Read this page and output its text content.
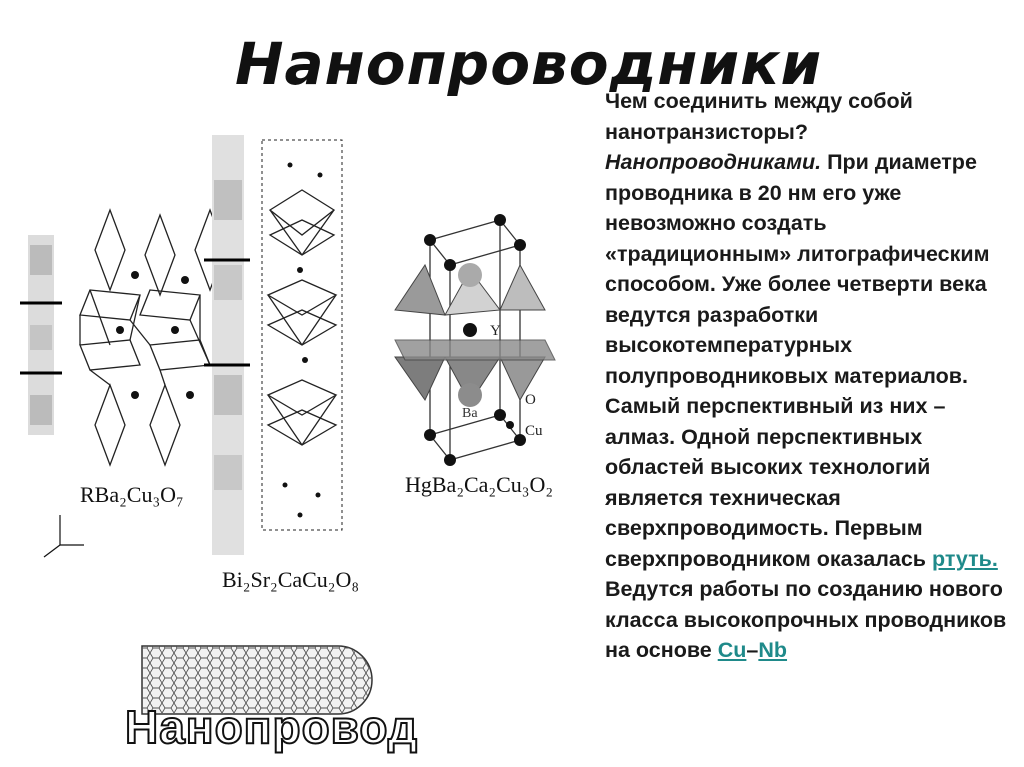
Нанопроводники
RBa₂Cu₃O₇
Bi₂Sr₂CaCu₂O₈
Y
Ba
O
Cu
HgBa₂Ca₂Cu₃O₂
Нанопровод

Чем соединить между собой нанотранзисторы? Нанопроводниками. При диаметре проводника в 20 нм его уже невозможно создать «традиционным» литографическим способом. Уже более четверти века ведутся разработки высокотемпературных полупроводниковых материалов. Самый перспективный из них – алмаз. Одной перспективных областей высоких технологий является техническая сверхпроводимость. Первым сверхпроводником оказалась ртуть. Ведутся работы по созданию нового класса высокопрочных проводников на основе Cu–Nb
